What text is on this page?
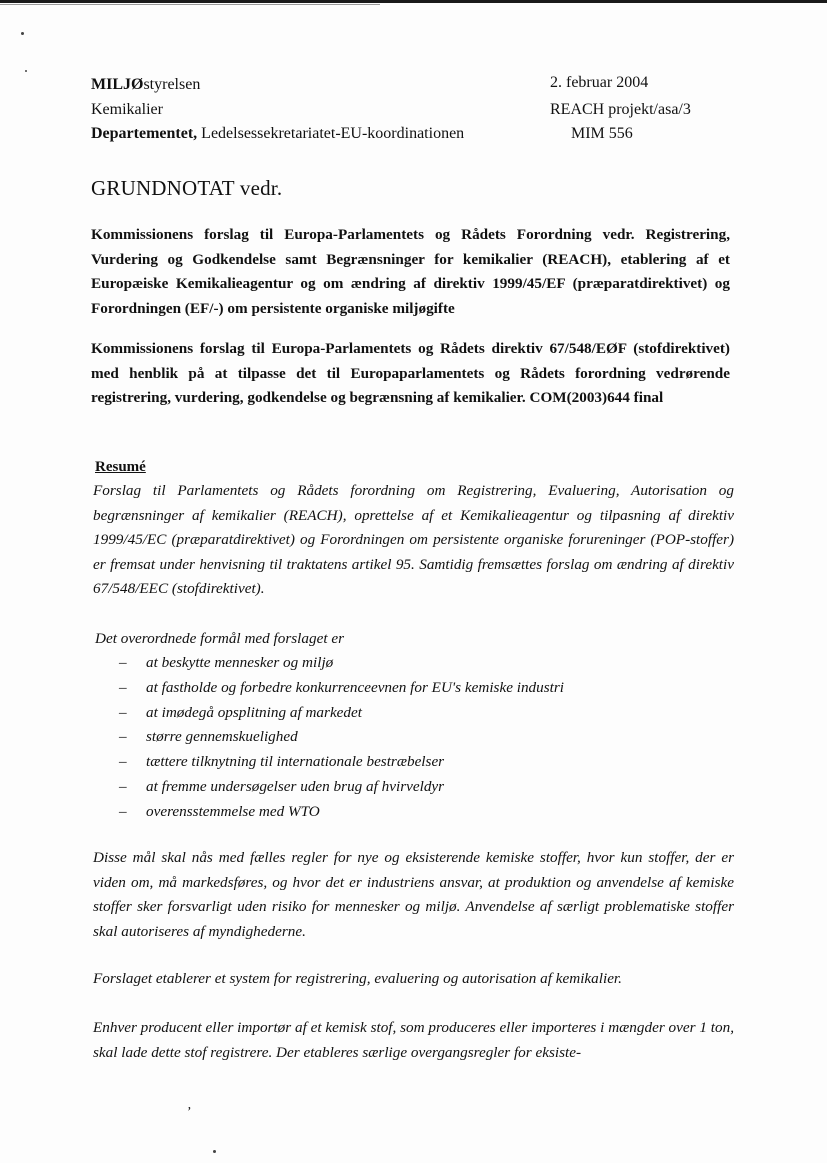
MILJØstyrelsen	2. februar 2004
Kemikalier	REACH projekt/asa/3
Departementet, Ledelsessekretariatet-EU-koordinationen	MIM 556
GRUNDNOTAT vedr.
Kommissionens forslag til Europa-Parlamentets og Rådets Forordning vedr. Registrering, Vurdering og Godkendelse samt Begrænsninger for kemikalier (REACH), etablering af et Europæiske Kemikalieagentur og om ændring af direktiv 1999/45/EF (præparatdirektivet) og Forordningen (EF/-) om persistente organiske miljøgifte
Kommissionens forslag til Europa-Parlamentets og Rådets direktiv 67/548/EØF (stofdirektivet) med henblik på at tilpasse det til Europaparlamentets og Rådets forordning vedrørende registrering, vurdering, godkendelse og begrænsning af kemikalier. COM(2003)644 final
Resumé
Forslag til Parlamentets og Rådets forordning om Registrering, Evaluering, Autorisation og begrænsninger af kemikalier (REACH), oprettelse af et Kemikalieagentur og tilpasning af direktiv 1999/45/EC (præparatdirektivet) og Forordningen om persistente organiske forureninger (POP-stoffer) er fremsat under henvisning til traktatens artikel 95. Samtidig fremsættes forslag om ændring af direktiv 67/548/EEC (stofdirektivet).
Det overordnede formål med forslaget er
– at beskytte mennesker og miljø
– at fastholde og forbedre konkurrenceevnen for EU's kemiske industri
– at imødegå opsplitning af markedet
– større gennemskuelighed
– tættere tilknytning til internationale bestræbelser
– at fremme undersøgelser uden brug af hvirveldyr
– overensstemmelse med WTO
Disse mål skal nås med fælles regler for nye og eksisterende kemiske stoffer, hvor kun stoffer, der er viden om, må markedsføres, og hvor det er industriens ansvar, at produktion og anvendelse af kemiske stoffer sker forsvarligt uden risiko for mennesker og miljø. Anvendelse af særligt problematiske stoffer skal autoriseres af myndighederne.
Forslaget etablerer et system for registrering, evaluering og autorisation af kemikalier.
Enhver producent eller importør af et kemisk stof, som produceres eller importeres i mængder over 1 ton, skal lade dette stof registrere. Der etableres særlige overgangsregler for eksiste-
ʼ
